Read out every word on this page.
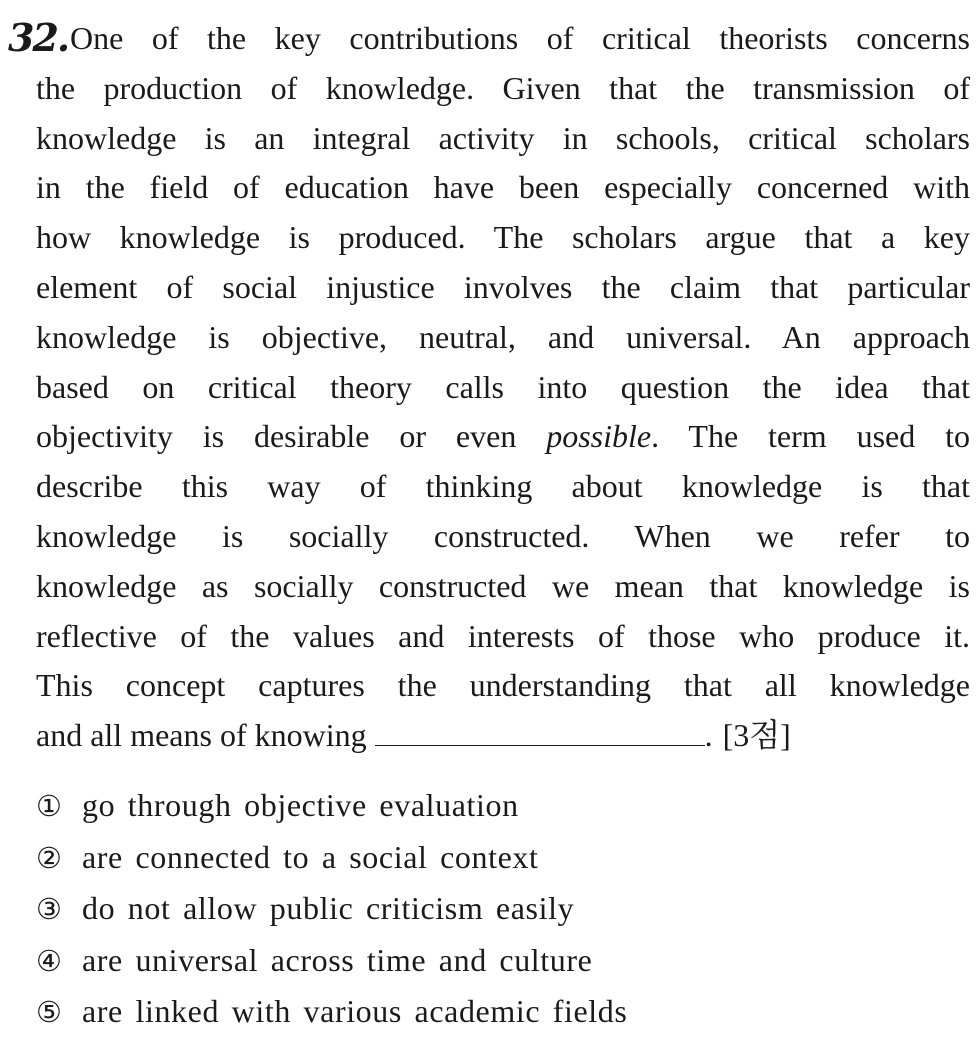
32. One of the key contributions of critical theorists concerns
the production of knowledge. Given that the transmission of
knowledge is an integral activity in schools, critical scholars
in the field of education have been especially concerned with
how knowledge is produced. The scholars argue that a key
element of social injustice involves the claim that particular
knowledge is objective, neutral, and universal. An approach
based on critical theory calls into question the idea that
objectivity is desirable or even possible. The term used to
describe this way of thinking about knowledge is that
knowledge is socially constructed. When we refer to
knowledge as socially constructed we mean that knowledge is
reflective of the values and interests of those who produce it.
This concept captures the understanding that all knowledge
and all means of knowing	. [3점]
① go through objective evaluation
② are connected to a social context
③ do not allow public criticism easily
④ are universal across time and culture
⑤ are linked with various academic fields
